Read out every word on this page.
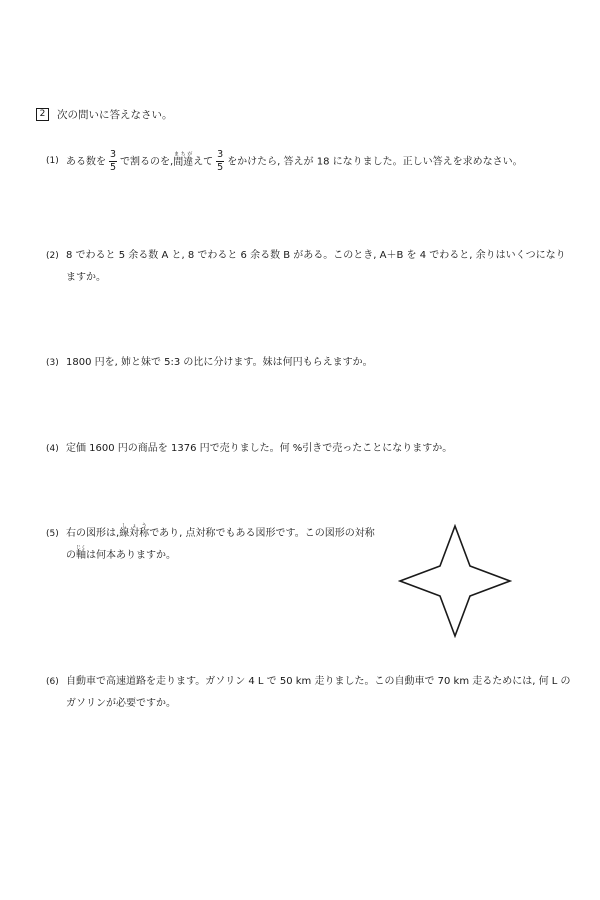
2	次の問いに答えなさい。
(1) ある数を $\frac{3}{5}$ で割るのを,間違まちがえて $\frac{3}{5}$ をかけたら, 答えが 18 になりました。正しい答えを求めなさい。
(2) 8 でわると 5 余る数 A と, 8 でわると 6 余る数 B がある。このとき, A＋B を 4 でわると, 余りはいくつになり
ますか。
(3) 1800 円を, 姉と妹で 5:3 の比に分けます。妹は何円もらえますか。
(4) 定価 1600 円の商品を 1376 円で売りました。何 %引きで売ったことになりますか。
(5) 右の図形は,線対称しょうであり, 点対称でもある図形です。この図形の対称
の軸じくは何本ありますか。
(6) 自動車で高速道路を走ります。ガソリン 4 L で 50 km 走りました。この自動車で 70 km 走るためには, 何 L の
ガソリンが必要ですか。
